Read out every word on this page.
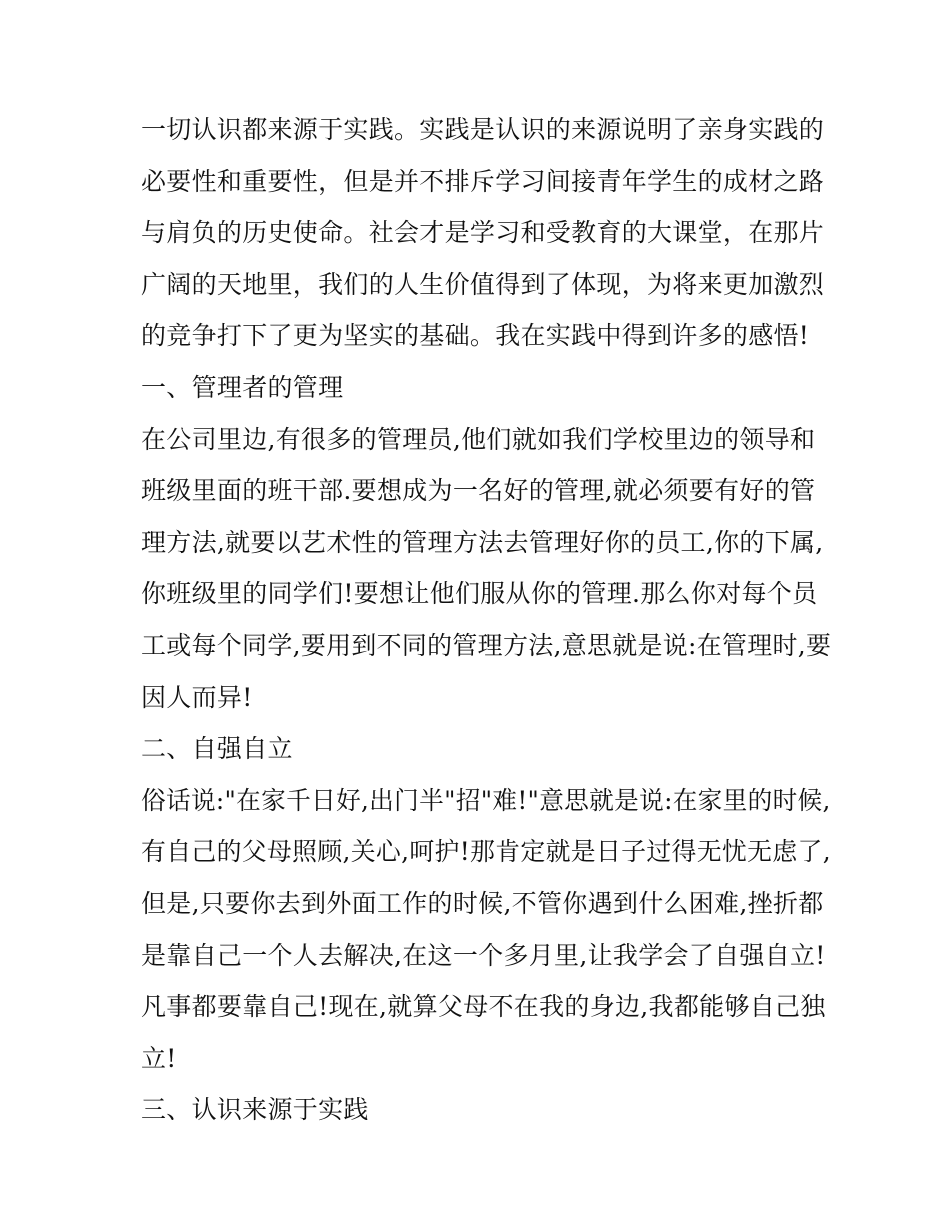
一切认识都来源于实践。实践是认识的来源说明了亲身实践的
必要性和重要性，但是并不排斥学习间接青年学生的成材之路
与肩负的历史使命。社会才是学习和受教育的大课堂，在那片
广阔的天地里，我们的人生价值得到了体现，为将来更加激烈
的竞争打下了更为坚实的基础。我在实践中得到许多的感悟!
一、管理者的管理
在公司里边,有很多的管理员,他们就如我们学校里边的领导和
班级里面的班干部.要想成为一名好的管理,就必须要有好的管
理方法,就要以艺术性的管理方法去管理好你的员工,你的下属,
你班级里的同学们!要想让他们服从你的管理.那么你对每个员
工或每个同学,要用到不同的管理方法,意思就是说:在管理时,要
因人而异!
二、自强自立
俗话说:"在家千日好,出门半"招"难!"意思就是说:在家里的时候,
有自己的父母照顾,关心,呵护!那肯定就是日子过得无忧无虑了,
但是,只要你去到外面工作的时候,不管你遇到什么困难,挫折都
是靠自己一个人去解决,在这一个多月里,让我学会了自强自立!
凡事都要靠自己!现在,就算父母不在我的身边,我都能够自己独
立!
三、认识来源于实践
